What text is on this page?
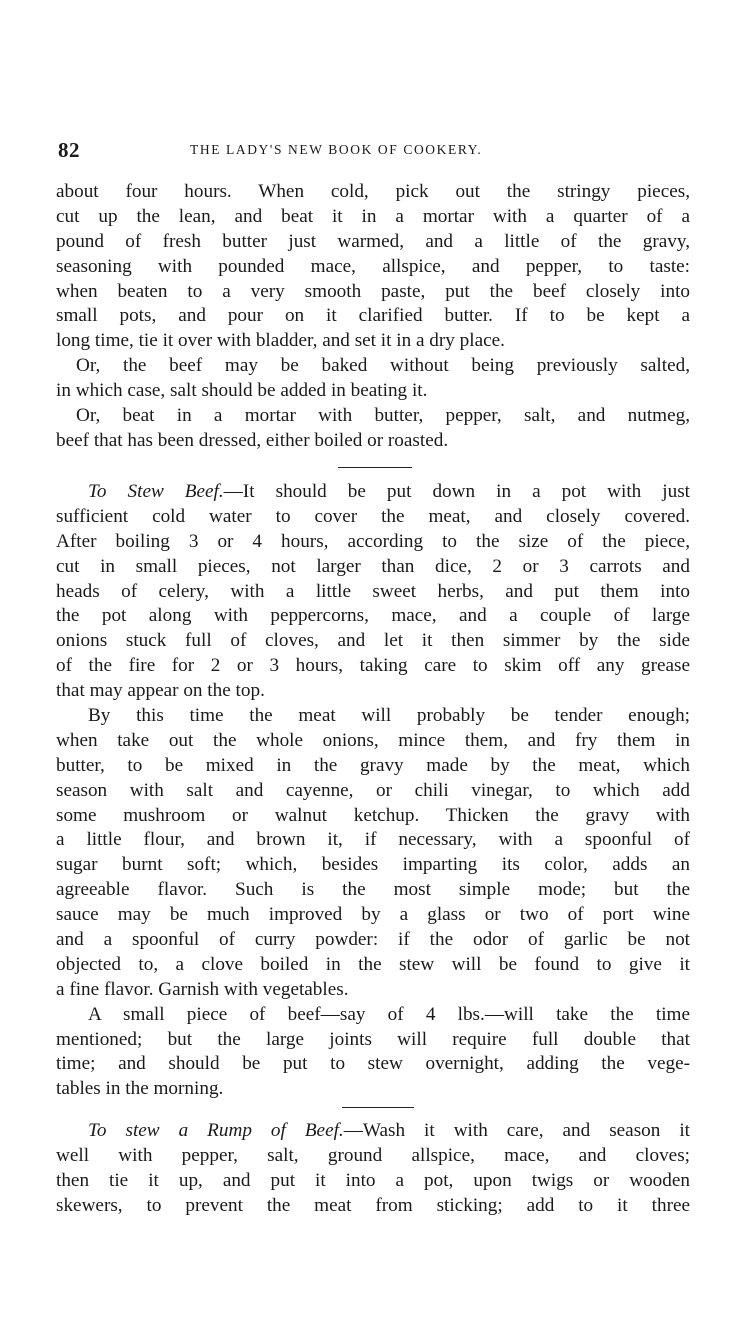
82	THE LADY'S NEW BOOK OF COOKERY.
about four hours. When cold, pick out the stringy pieces,
cut up the lean, and beat it in a mortar with a quarter of a
pound of fresh butter just warmed, and a little of the gravy,
seasoning with pounded mace, allspice, and pepper, to taste:
when beaten to a very smooth paste, put the beef closely into
small pots, and pour on it clarified butter. If to be kept a
long time, tie it over with bladder, and set it in a dry place.
Or, the beef may be baked without being previously salted,
in which case, salt should be added in beating it.
Or, beat in a mortar with butter, pepper, salt, and nutmeg,
beef that has been dressed, either boiled or roasted.
To Stew Beef.—It should be put down in a pot with just
sufficient cold water to cover the meat, and closely covered.
After boiling 3 or 4 hours, according to the size of the piece,
cut in small pieces, not larger than dice, 2 or 3 carrots and
heads of celery, with a little sweet herbs, and put them into
the pot along with peppercorns, mace, and a couple of large
onions stuck full of cloves, and let it then simmer by the side
of the fire for 2 or 3 hours, taking care to skim off any grease
that may appear on the top.
By this time the meat will probably be tender enough;
when take out the whole onions, mince them, and fry them in
butter, to be mixed in the gravy made by the meat, which
season with salt and cayenne, or chili vinegar, to which add
some mushroom or walnut ketchup. Thicken the gravy with
a little flour, and brown it, if necessary, with a spoonful of
sugar burnt soft; which, besides imparting its color, adds an
agreeable flavor. Such is the most simple mode; but the
sauce may be much improved by a glass or two of port wine
and a spoonful of curry powder: if the odor of garlic be not
objected to, a clove boiled in the stew will be found to give it
a fine flavor. Garnish with vegetables.
A small piece of beef—say of 4 lbs.—will take the time
mentioned; but the large joints will require full double that
time; and should be put to stew overnight, adding the vege-
tables in the morning.
To stew a Rump of Beef.—Wash it with care, and season it
well with pepper, salt, ground allspice, mace, and cloves;
then tie it up, and put it into a pot, upon twigs or wooden
skewers, to prevent the meat from sticking; add to it three
